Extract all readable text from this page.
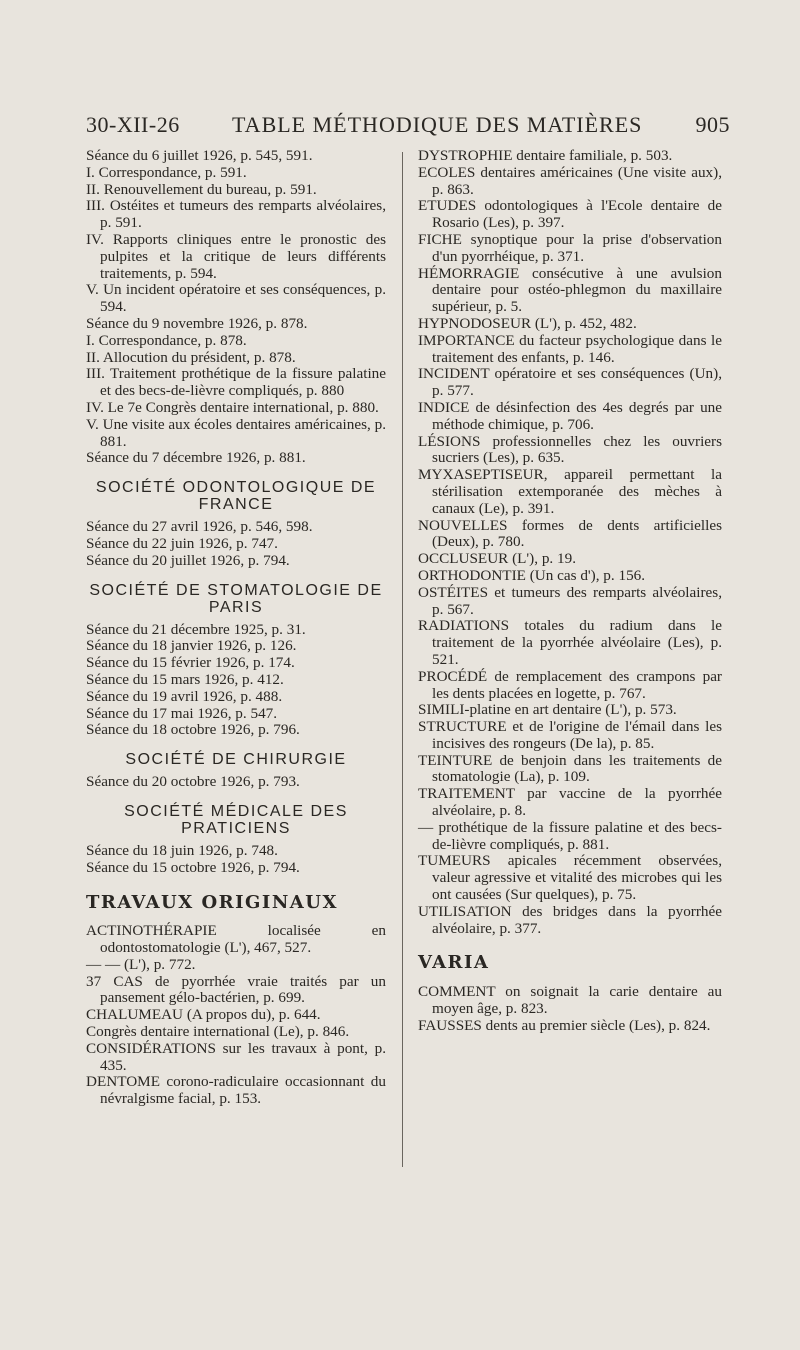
30-XII-26 TABLE MÉTHODIQUE DES MATIÈRES 905

Séance du 6 juillet 1926, p. 545, 591.

I. Correspondance, p. 591.

II. Renouvellement du bureau, p. 591.

III. Ostéites et tumeurs des remparts alvéolaires, p. 591.

IV. Rapports cliniques entre le pronostic des pulpites et la critique de leurs différents traitements, p. 594.

V. Un incident opératoire et ses conséquences, p. 594.

Séance du 9 novembre 1926, p. 878.

I. Correspondance, p. 878.

II. Allocution du président, p. 878.

III. Traitement prothétique de la fissure palatine et des becs-de-lièvre compliqués, p. 880

IV. Le 7e Congrès dentaire international, p. 880.

V. Une visite aux écoles dentaires américaines, p. 881.

Séance du 7 décembre 1926, p. 881.

SOCIÉTÉ ODONTOLOGIQUE DE FRANCE

Séance du 27 avril 1926, p. 546, 598.

Séance du 22 juin 1926, p. 747.

Séance du 20 juillet 1926, p. 794.

SOCIÉTÉ DE STOMATOLOGIE DE PARIS

Séance du 21 décembre 1925, p. 31.

Séance du 18 janvier 1926, p. 126.

Séance du 15 février 1926, p. 174.

Séance du 15 mars 1926, p. 412.

Séance du 19 avril 1926, p. 488.

Séance du 17 mai 1926, p. 547.

Séance du 18 octobre 1926, p. 796.

SOCIÉTÉ DE CHIRURGIE

Séance du 20 octobre 1926, p. 793.

SOCIÉTÉ MÉDICALE DES PRATICIENS

Séance du 18 juin 1926, p. 748.

Séance du 15 octobre 1926, p. 794.

TRAVAUX ORIGINAUX

ACTINOTHÉRAPIE localisée en odontostomatologie (L'), 467, 527.

— — (L'), p. 772.

37 CAS de pyorrhée vraie traités par un pansement gélo-bactérien, p. 699.

CHALUMEAU (A propos du), p. 644.

Congrès dentaire international (Le), p. 846.

CONSIDÉRATIONS sur les travaux à pont, p. 435.

DENTOME corono-radiculaire occasionnant du névralgisme facial, p. 153.

DYSTROPHIE dentaire familiale, p. 503.

ECOLES dentaires américaines (Une visite aux), p. 863.

ETUDES odontologiques à l'Ecole dentaire de Rosario (Les), p. 397.

FICHE synoptique pour la prise d'observation d'un pyorrhéique, p. 371.

HÉMORRAGIE consécutive à une avulsion dentaire pour ostéo-phlegmon du maxillaire supérieur, p. 5.

HYPNODOSEUR (L'), p. 452, 482.

IMPORTANCE du facteur psychologique dans le traitement des enfants, p. 146.

INCIDENT opératoire et ses conséquences (Un), p. 577.

INDICE de désinfection des 4es degrés par une méthode chimique, p. 706.

LÉSIONS professionnelles chez les ouvriers sucriers (Les), p. 635.

MYXASEPTISEUR, appareil permettant la stérilisation extemporanée des mèches à canaux (Le), p. 391.

NOUVELLES formes de dents artificielles (Deux), p. 780.

OCCLUSEUR (L'), p. 19.

ORTHODONTIE (Un cas d'), p. 156.

OSTÉITES et tumeurs des remparts alvéolaires, p. 567.

RADIATIONS totales du radium dans le traitement de la pyorrhée alvéolaire (Les), p. 521.

PROCÉDÉ de remplacement des crampons par les dents placées en logette, p. 767.

SIMILI-platine en art dentaire (L'), p. 573.

STRUCTURE et de l'origine de l'émail dans les incisives des rongeurs (De la), p. 85.

TEINTURE de benjoin dans les traitements de stomatologie (La), p. 109.

TRAITEMENT par vaccine de la pyorrhée alvéolaire, p. 8.

— prothétique de la fissure palatine et des becs-de-lièvre compliqués, p. 881.

TUMEURS apicales récemment observées, valeur agressive et vitalité des microbes qui les ont causées (Sur quelques), p. 75.

UTILISATION des bridges dans la pyorrhée alvéolaire, p. 377.

VARIA

COMMENT on soignait la carie dentaire au moyen âge, p. 823.

FAUSSES dents au premier siècle (Les), p. 824.
